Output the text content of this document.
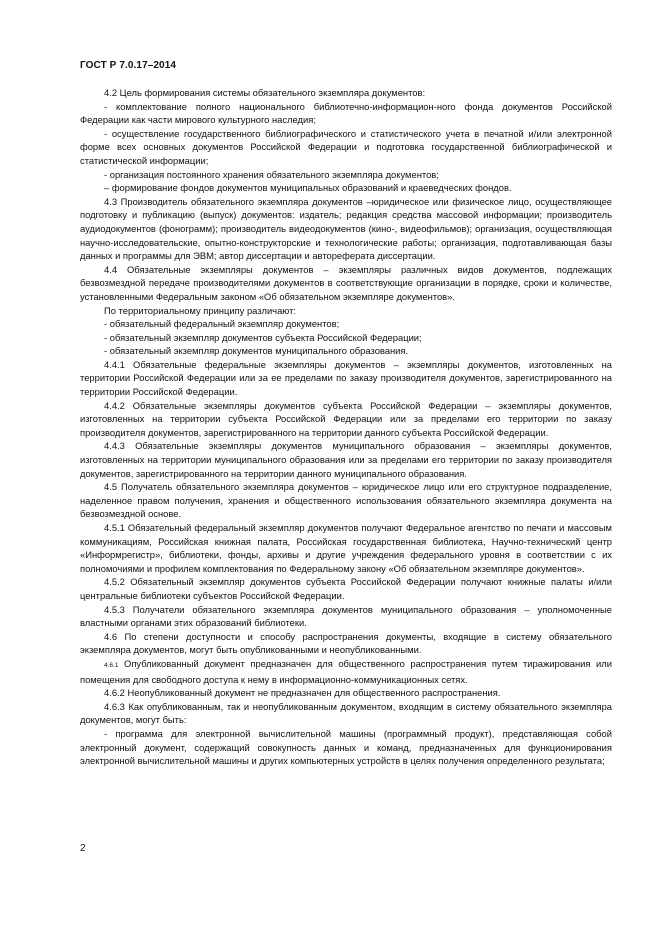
ГОСТ Р 7.0.17–2014

4.2 Цель формирования системы обязательного экземпляра документов:

- комплектование полного национального библиотечно-информацион-ного фонда документов Российской Федерации как части мирового культурного наследия;

- осуществление государственного библиографического и статистического учета в печатной и/или электронной форме всех основных документов Российской Федерации и подготовка государственной библиографической и статистической информации;

- организация постоянного хранения обязательного экземпляра документов;

– формирование фондов документов муниципальных образований и краеведческих фондов.

4.3 Производитель обязательного экземпляра документов –юридическое или физическое лицо, осуществляющее подготовку и публикацию (выпуск) документов: издатель; редакция средства массовой информации; производитель аудиодокументов (фонограмм); производитель видеодокументов (кино-, видеофильмов); организация, осуществляющая научно-исследовательские, опытно-конструкторские и технологические работы; организация, подготавливающая базы данных и программы для ЭВМ; автор диссертации и автореферата диссертации.

4.4 Обязательные экземпляры документов – экземпляры различных видов документов, подлежащих безвозмездной передаче производителями документов в соответствующие организации в порядке, сроки и количестве, установленными Федеральным законом «Об обязательном экземпляре документов».

По территориальному принципу различают:

- обязательный федеральный экземпляр документов;

- обязательный экземпляр документов субъекта Российской Федерации;

- обязательный экземпляр документов муниципального образования.

4.4.1 Обязательные федеральные экземпляры документов – экземпляры документов, изготовленных на территории Российской Федерации или за ее пределами по заказу производителя документов, зарегистрированного на территории Российской Федерации.

4.4.2 Обязательные экземпляры документов субъекта Российской Федерации – экземпляры документов, изготовленных на территории субъекта Российской Федерации или за пределами его территории по заказу производителя документов, зарегистрированного на территории данного субъекта Российской Федерации.

4.4.3 Обязательные экземпляры документов муниципального образования – экземпляры документов, изготовленных на территории муниципального образования или за пределами его территории по заказу производителя документов, зарегистрированного на территории данного муниципального образования.

4.5 Получатель обязательного экземпляра документов – юридическое лицо или его структурное подразделение, наделенное правом получения, хранения и общественного использования обязательного экземпляра документа на безвозмездной основе.

4.5.1 Обязательный федеральный экземпляр документов получают Федеральное агентство по печати и массовым коммуникациям, Российская книжная палата, Российская государственная библиотека, Научно-технический центр «Информрегистр», библиотеки, фонды, архивы и другие учреждения федерального уровня в соответствии с их полномочиями и профилем комплектования по Федеральному закону «Об обязательном экземпляре документов».

4.5.2 Обязательный экземпляр документов субъекта Российской Федерации получают книжные палаты и/или центральные библиотеки субъектов Российской Федерации.

4.5.3 Получатели обязательного экземпляра документов муниципального образования – уполномоченные властными органами этих образований библиотеки.

4.6 По степени доступности и способу распространения документы, входящие в систему обязательного экземпляра документов, могут быть опубликованными и неопубликованными.

4.6.1 Опубликованный документ предназначен для общественного распространения путем тиражирования или помещения для свободного доступа к нему в информационно-коммуникационных сетях.

4.6.2 Неопубликованный документ не предназначен для общественного распространения.

4.6.3 Как опубликованным, так и неопубликованным документом, входящим в систему обязательного экземпляра документов, могут быть:

- программа для электронной вычислительной машины (программный продукт), представляющая собой электронный документ, содержащий совокупность данных и команд, предназначенных для функционирования электронной вычислительной машины и других компьютерных устройств в целях получения определенного результата;

2
